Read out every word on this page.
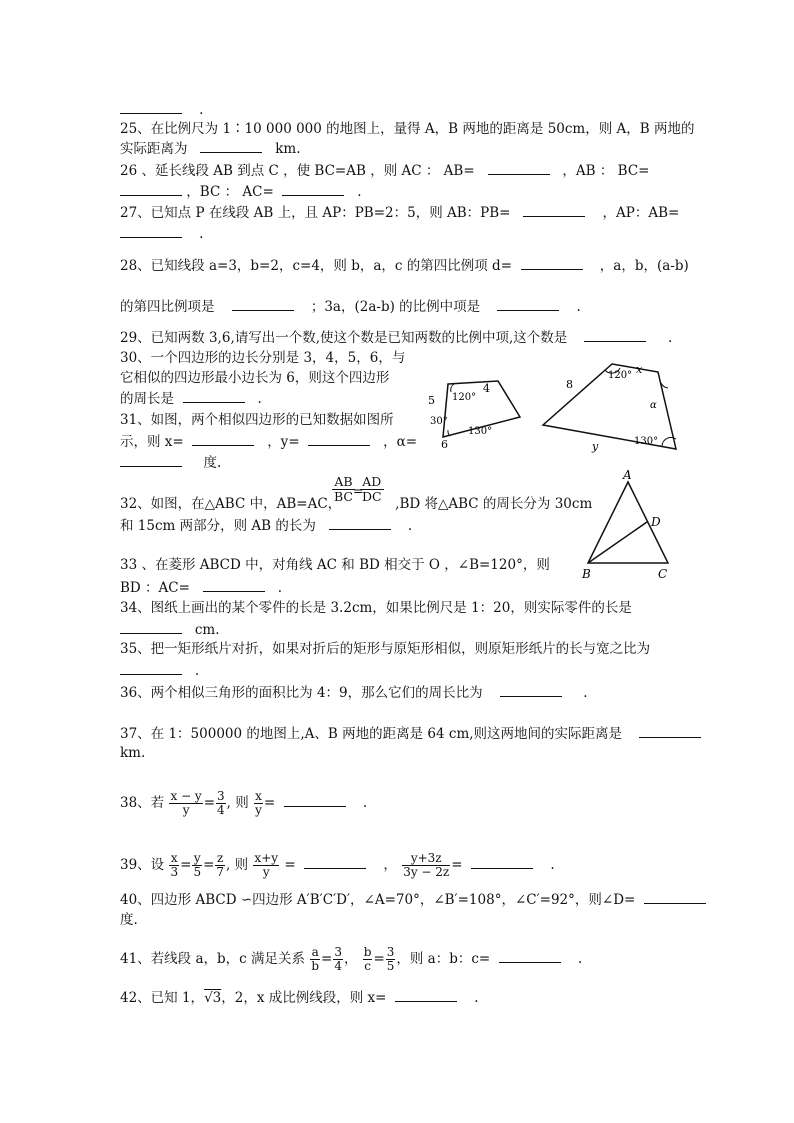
.
25、在比例尺为 1∶10 000 000 的地图上，量得 A，B 两地的距离是 50cm，则 A，B 两地的
实际距离为	km.
26 、延长线段 AB 到点 C ，使 BC=AB ，则 AC ： AB=	，AB ： BC=
，BC ： AC=	.
27、已知点 P 在线段 AB 上，且 AP：PB=2：5，则 AB：PB=	，AP：AB=
.
28、已知线段 a=3，b=2，c=4，则 b，a，c 的第四比例项 d=	，a，b，(a-b)
的第四比例项是	；3a，(2a-b) 的比例中项是	.
29、已知两数 3,6,请写出一个数,使这个数是已知两数的比例中项,这个数是	.
30、一个四边形的边长分别是 3，4，5，6，与
它相似的四边形最小边长为 6，则这个四边形
的周长是	.
31、如图，两个相似四边形的已知数据如图所
示，则 x=	，y=	，α=
度.
4
5
6
120°
30°
130°
8
x
y
120°
α
130°
$\frac{AB}{BC}$
=
$\frac{AD}{DC}$
32、如图，在△ABC 中，AB=AC，	,BD 将△ABC 的周长分为 30cm
和 15cm 两部分，则 AB 的长为	.
A
B	C
D
33 、在菱形 ABCD 中，对角线 AC 和 BD 相交于 O ，∠B=120°，则
BD ：AC=	.
34、图纸上画出的某个零件的长是 3.2cm，如果比例尺是 1：20，则实际零件的长是
cm.
35、把一矩形纸片对折，如果对折后的矩形与原矩形相似，则原矩形纸片的长与宽之比为
.
36、两个相似三角形的面积比为 4：9，那么它们的周长比为	.
37、在 1：500000 的地图上,A、B 两地的距离是 64 cm,则这两地间的实际距离是
km.
38、若 $\frac{x - y}{y} = \frac{3}{4}$ , 则 $\frac{x}{y}$ =	.
39、设 $\frac{x}{3} = \frac{y}{5} = \frac{z}{7}$ , 则 $\frac{x+y}{y}$ =	， $\frac{y+3z}{3y - 2z}$ =	.
40、四边形 ABCD ∽四边形 A′B′C′D′，∠A=70°，∠B′=108°，∠C′=92°，则∠D=
度.
41、若线段 a，b，c 满足关系 $\frac{a}{b} = \frac{3}{4}$ ， $\frac{b}{c} = \frac{3}{5}$ ，则 a：b：c=	.
42、已知 1，√3，2，x 成比例线段，则 x=	.
